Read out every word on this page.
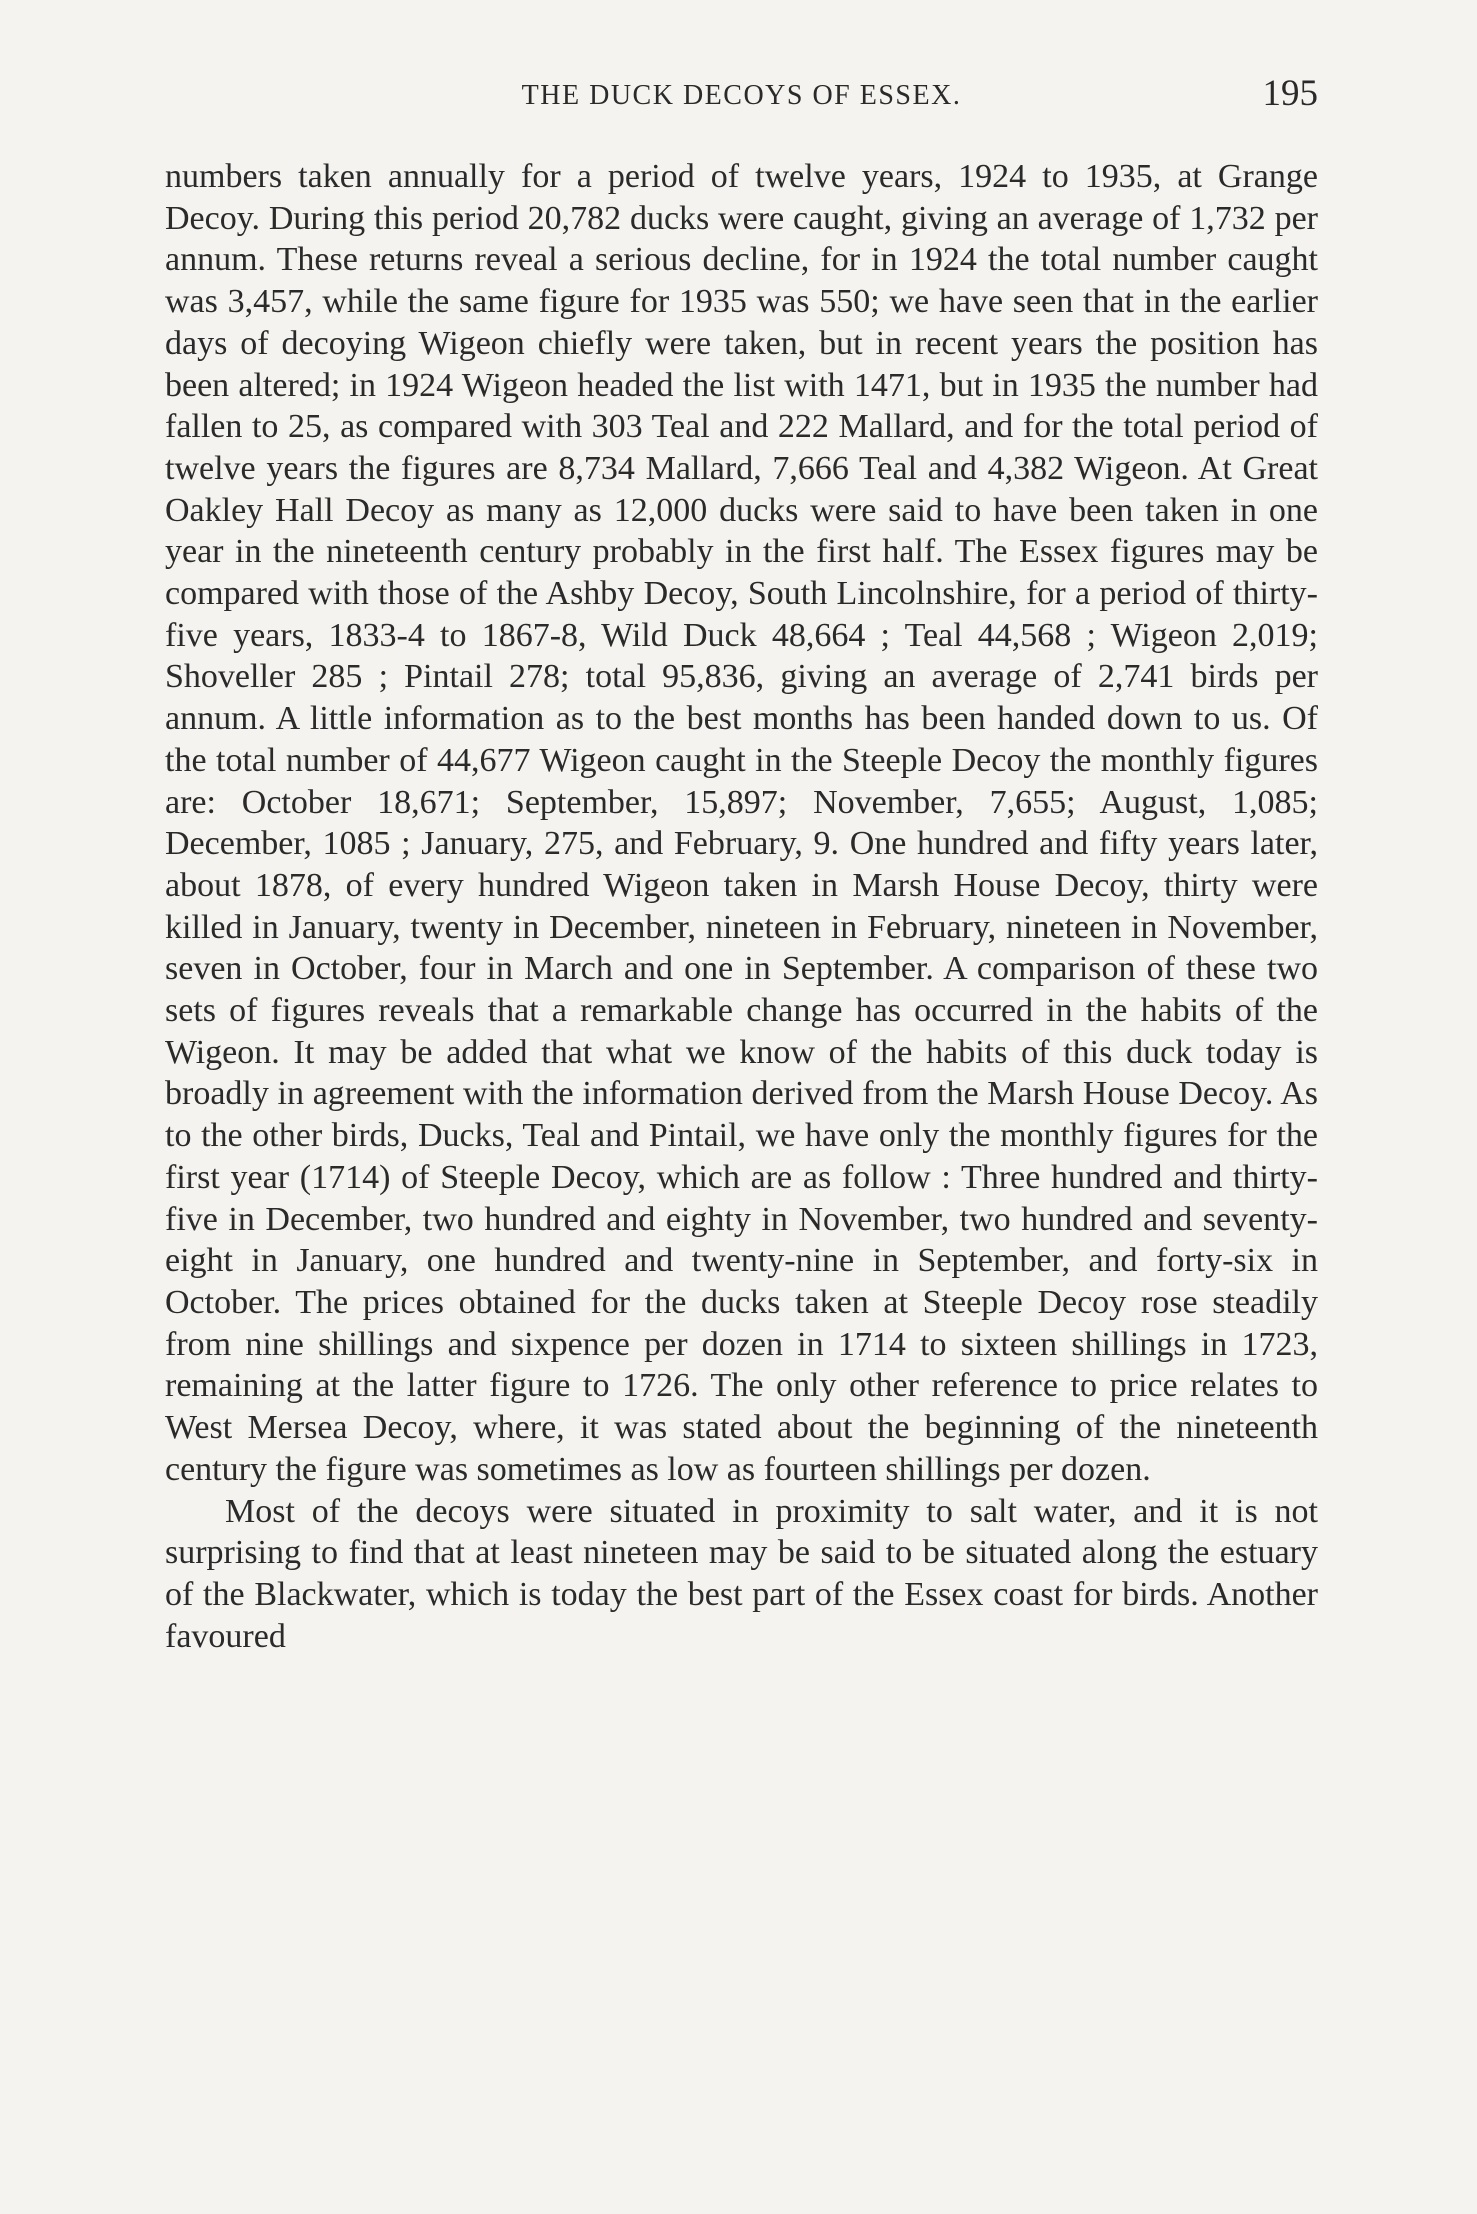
THE DUCK DECOYS OF ESSEX.	195

numbers taken annually for a period of twelve years, 1924 to 1935, at Grange Decoy. During this period 20,782 ducks were caught, giving an average of 1,732 per annum. These returns reveal a serious decline, for in 1924 the total number caught was 3,457, while the same figure for 1935 was 550; we have seen that in the earlier days of decoying Wigeon chiefly were taken, but in recent years the position has been altered; in 1924 Wigeon headed the list with 1471, but in 1935 the number had fallen to 25, as compared with 303 Teal and 222 Mallard, and for the total period of twelve years the figures are 8,734 Mallard, 7,666 Teal and 4,382 Wigeon. At Great Oakley Hall Decoy as many as 12,000 ducks were said to have been taken in one year in the nineteenth century probably in the first half. The Essex figures may be compared with those of the Ashby Decoy, South Lincolnshire, for a period of thirty-five years, 1833-4 to 1867-8, Wild Duck 48,664 ; Teal 44,568 ; Wigeon 2,019; Shoveller 285 ; Pintail 278; total 95,836, giving an average of 2,741 birds per annum. A little information as to the best months has been handed down to us. Of the total number of 44,677 Wigeon caught in the Steeple Decoy the monthly figures are: October 18,671; September, 15,897; November, 7,655; August, 1,085; December, 1085 ; January, 275, and February, 9. One hundred and fifty years later, about 1878, of every hundred Wigeon taken in Marsh House Decoy, thirty were killed in January, twenty in December, nineteen in February, nineteen in November, seven in October, four in March and one in September. A comparison of these two sets of figures reveals that a remarkable change has occurred in the habits of the Wigeon. It may be added that what we know of the habits of this duck today is broadly in agreement with the information derived from the Marsh House Decoy. As to the other birds, Ducks, Teal and Pintail, we have only the monthly figures for the first year (1714) of Steeple Decoy, which are as follow : Three hundred and thirty-five in December, two hundred and eighty in November, two hundred and seventy-eight in January, one hundred and twenty-nine in September, and forty-six in October. The prices obtained for the ducks taken at Steeple Decoy rose steadily from nine shillings and sixpence per dozen in 1714 to sixteen shillings in 1723, remaining at the latter figure to 1726. The only other reference to price relates to West Mersea Decoy, where, it was stated about the beginning of the nineteenth century the figure was sometimes as low as fourteen shillings per dozen.

Most of the decoys were situated in proximity to salt water, and it is not surprising to find that at least nineteen may be said to be situated along the estuary of the Blackwater, which is today the best part of the Essex coast for birds. Another favoured
